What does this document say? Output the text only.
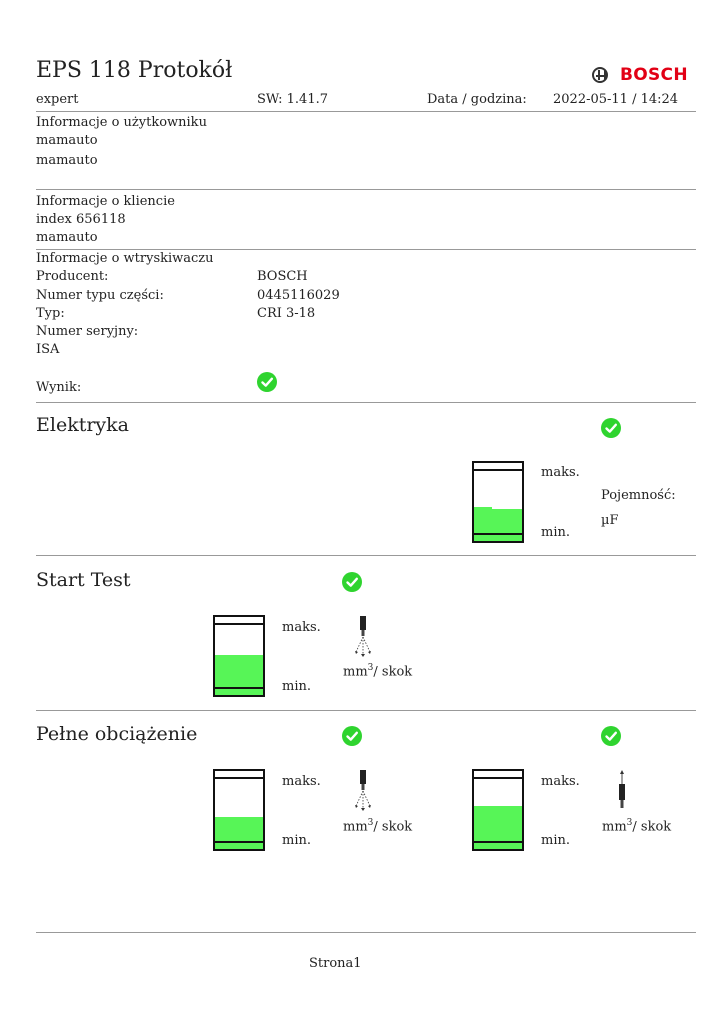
EPS 118 Protokół	BOSCH
expert	SW: 1.41.7	Data / godzina: 2022-05-11 / 14:24
Informacje o użytkowniku
mamauto
mamauto
Informacje o kliencie
index 656118
mamauto
Informacje o wtryskiwaczu
Producent:	BOSCH
Numer typu części:	0445116029
Typ:	CRI 3-18
Numer seryjny:
ISA
Wynik:
Elektryka
maks.
min.
Pojemność:
µF
Start Test
maks.
min.
$mm^3/$ skok
Pełne obciążenie
maks.
min.
$mm^3/$ skok
maks.
min.
$mm^3/$ skok
Strona1
